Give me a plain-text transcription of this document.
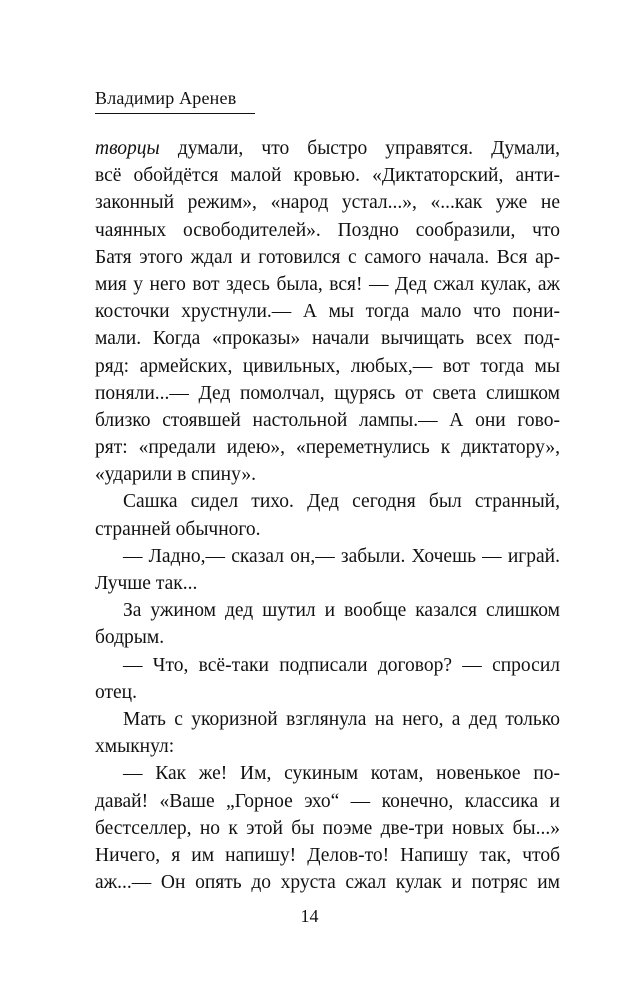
Владимир Аренев
творцы думали, что быстро управятся. Думали,
всё обойдётся малой кровью. «Диктаторский, анти-
законный режим», «народ устал...», «...как уже не
чаянных освободителей». Поздно сообразили, что
Батя этого ждал и готовился с самого начала. Вся ар-
мия у него вот здесь была, вся! — Дед сжал кулак, аж
косточки хрустнули.— А мы тогда мало что пони-
мали. Когда «проказы» начали вычищать всех под-
ряд: армейских, цивильных, любых,— вот тогда мы
поняли...— Дед помолчал, щурясь от света слишком
близко стоявшей настольной лампы.— А они гово-
рят: «предали идею», «переметнулись к диктатору»,
«ударили в спину».
Сашка сидел тихо. Дед сегодня был странный,
странней обычного.
— Ладно,— сказал он,— забыли. Хочешь — играй.
Лучше так...
За ужином дед шутил и вообще казался слишком
бодрым.
— Что, всё-таки подписали договор? — спросил
отец.
Мать с укоризной взглянула на него, а дед только
хмыкнул:
— Как же! Им, сукиным котам, новенькое по-
давай! «Ваше „Горное эхо“ — конечно, классика и
бестселлер, но к этой бы поэме две-три новых бы...»
Ничего, я им напишу! Делов-то! Напишу так, чтоб
аж...— Он опять до хруста сжал кулак и потряс им
14
